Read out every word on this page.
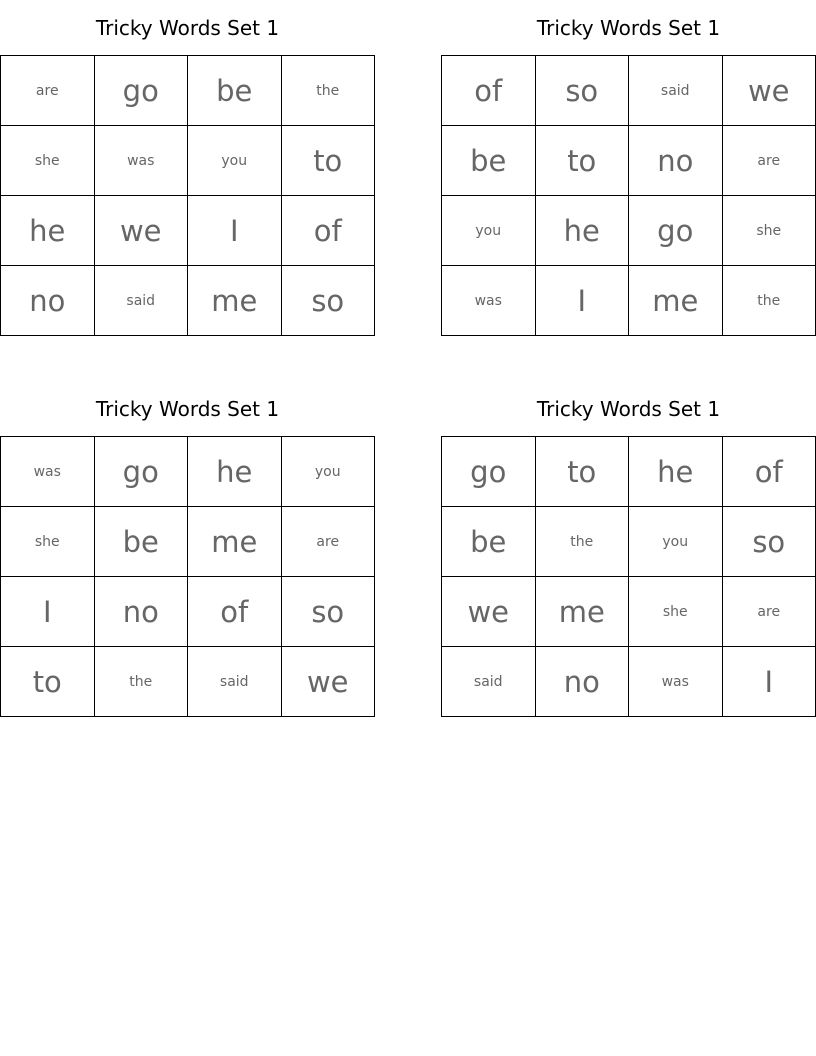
Tricky Words Set 1
are	go	be	the
she	was	you	to
he	we	I	of
no	said	me	so
Tricky Words Set 1
of	so	said	we
be	to	no	are
you	he	go	she
was	I	me	the
Tricky Words Set 1
was	go	he	you
she	be	me	are
I	no	of	so
to	the	said	we
Tricky Words Set 1
go	to	he	of
be	the	you	so
we	me	she	are
said	no	was	I
